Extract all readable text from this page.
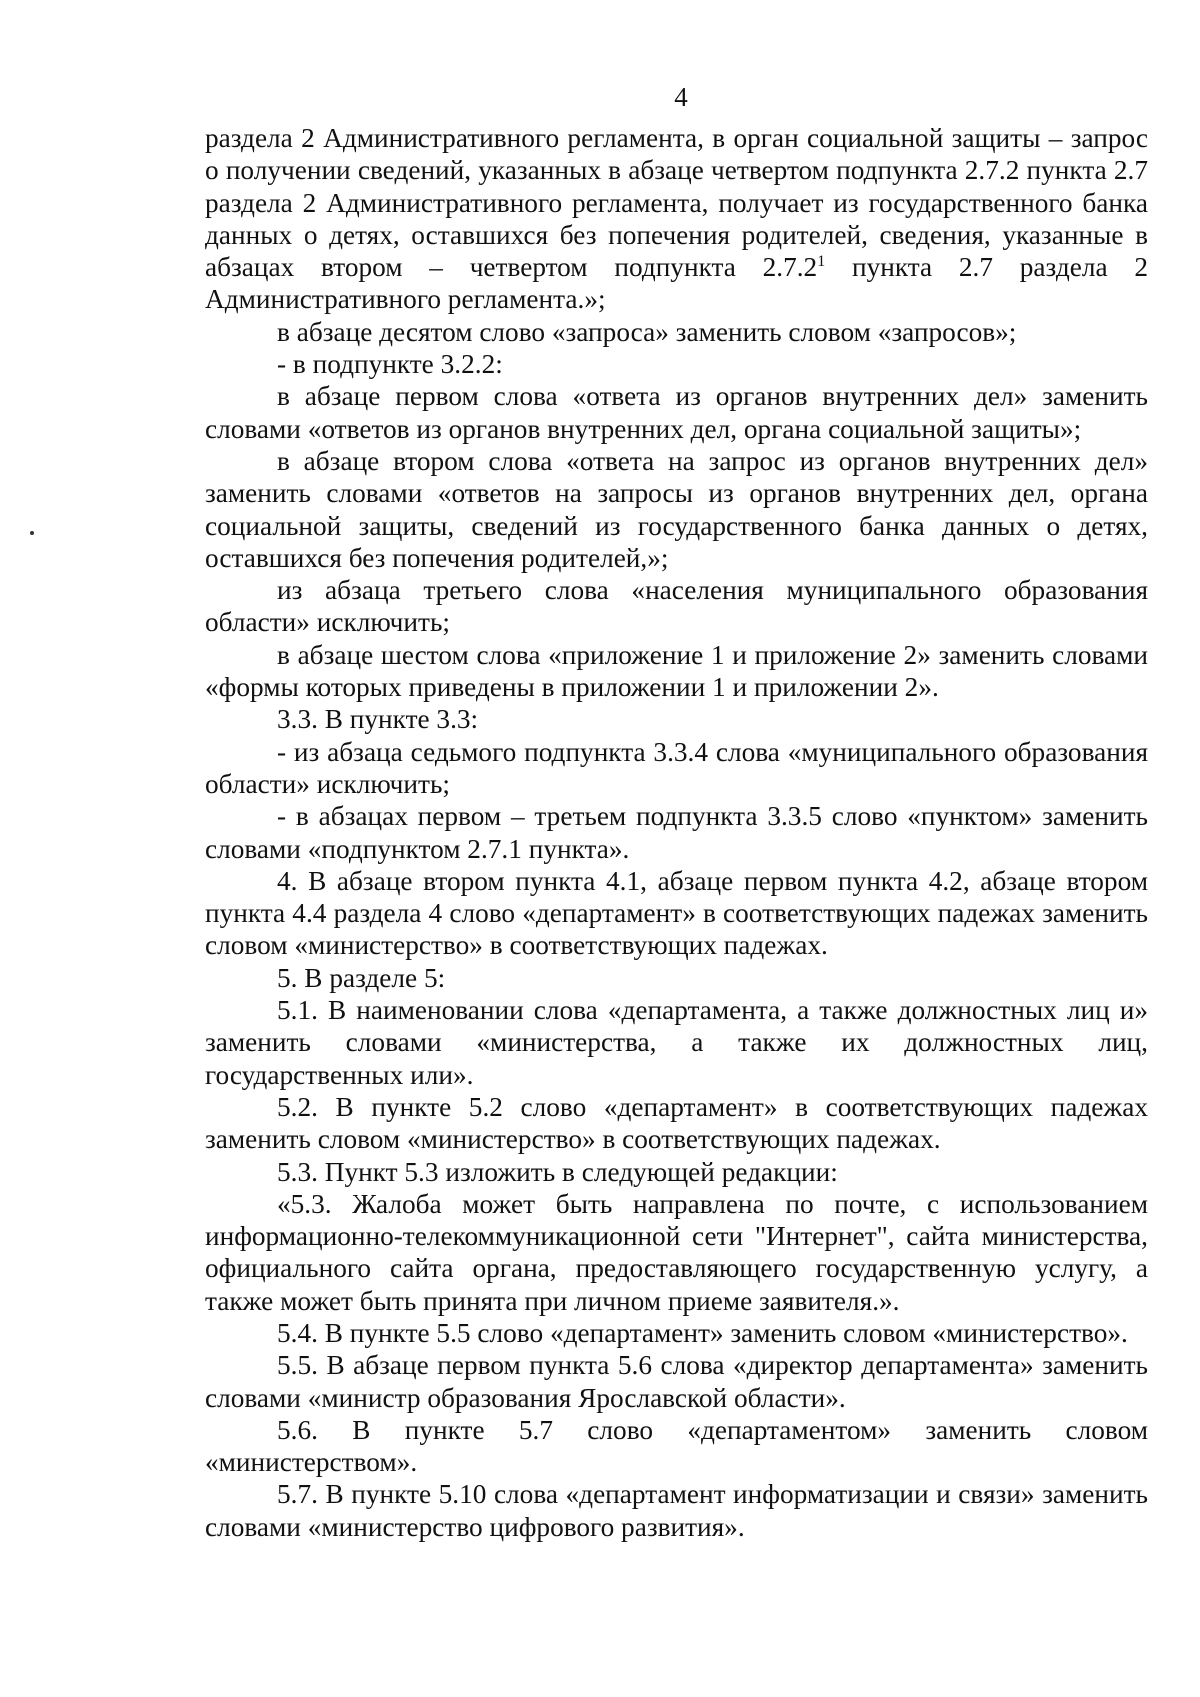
4

раздела 2 Административного регламента, в орган социальной защиты – запрос о получении сведений, указанных в абзаце четвертом подпункта 2.7.2 пункта 2.7 раздела 2 Административного регламента, получает из государственного банка данных о детях, оставшихся без попечения родителей, сведения, указанные в абзацах втором – четвертом подпункта 2.7.2$^1$ пункта 2.7 раздела 2 Административного регламента.»;

в абзаце десятом слово «запроса» заменить словом «запросов»;

- в подпункте 3.2.2:

в абзаце первом слова «ответа из органов внутренних дел» заменить словами «ответов из органов внутренних дел, органа социальной защиты»;

в абзаце втором слова «ответа на запрос из органов внутренних дел» заменить словами «ответов на запросы из органов внутренних дел, органа социальной защиты, сведений из государственного банка данных о детях, оставшихся без попечения родителей,»;

из абзаца третьего слова «населения муниципального образования области» исключить;

в абзаце шестом слова «приложение 1 и приложение 2» заменить словами «формы которых приведены в приложении 1 и приложении 2».

3.3. В пункте 3.3:

- из абзаца седьмого подпункта 3.3.4 слова «муниципального образования области» исключить;

- в абзацах первом – третьем подпункта 3.3.5 слово «пунктом» заменить словами «подпунктом 2.7.1 пункта».

4. В абзаце втором пункта 4.1, абзаце первом пункта 4.2, абзаце втором пункта 4.4 раздела 4 слово «департамент» в соответствующих падежах заменить словом «министерство» в соответствующих падежах.

5. В разделе 5:

5.1. В наименовании слова «департамента, а также должностных лиц и» заменить словами «министерства, а также их должностных лиц, государственных или».

5.2. В пункте 5.2 слово «департамент» в соответствующих падежах заменить словом «министерство» в соответствующих падежах.

5.3. Пункт 5.3 изложить в следующей редакции:

«5.3. Жалоба может быть направлена по почте, с использованием информационно-телекоммуникационной сети "Интернет", сайта министерства, официального сайта органа, предоставляющего государственную услугу, а также может быть принята при личном приеме заявителя.».

5.4. В пункте 5.5 слово «департамент» заменить словом «министерство».

5.5. В абзаце первом пункта 5.6 слова «директор департамента» заменить словами «министр образования Ярославской области».

5.6. В пункте 5.7 слово «департаментом» заменить словом «министерством».

5.7. В пункте 5.10 слова «департамент информатизации и связи» заменить словами «министерство цифрового развития».
